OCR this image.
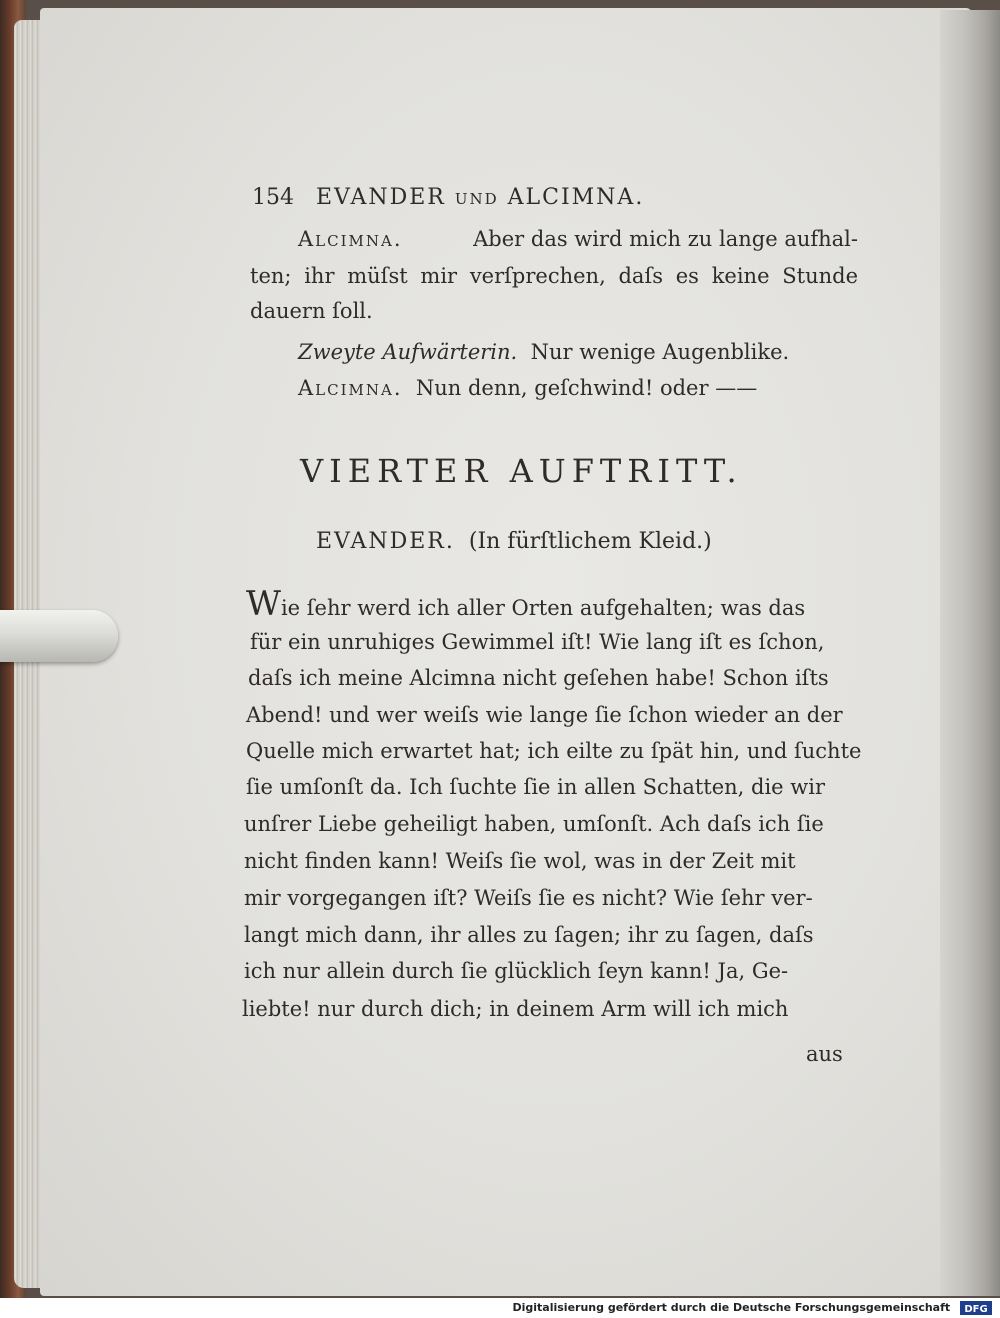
154 EVANDER und ALCIMNA.
Alcimna.	Aber das wird mich zu lange aufhal-
ten; ihr müſst mir verſprechen, daſs es keine Stunde
dauern ſoll.
Zweyte Aufwärterin. Nur wenige Augenblike.
Alcimna. Nun denn, geſchwind! oder ——
VIERTER AUFTRITT.
EVANDER. (In fürſtlichem Kleid.)
Wie ſehr werd ich aller Orten aufgehalten; was das
für ein unruhiges Gewimmel iſt! Wie lang iſt es ſchon,
daſs ich meine Alcimna nicht geſehen habe! Schon iſts
Abend! und wer weiſs wie lange ſie ſchon wieder an der
Quelle mich erwartet hat; ich eilte zu ſpät hin, und ſuchte
ſie umſonſt da. Ich ſuchte ſie in allen Schatten, die wir
unſrer Liebe geheiligt haben, umſonſt. Ach daſs ich ſie
nicht finden kann! Weiſs ſie wol, was in der Zeit mit
mir vorgegangen iſt? Weiſs ſie es nicht? Wie ſehr ver-
langt mich dann, ihr alles zu ſagen; ihr zu ſagen, daſs
ich nur allein durch ſie glücklich ſeyn kann! Ja, Ge-
liebte! nur durch dich; in deinem Arm will ich mich
aus
Digitalisierung gefördert durch die Deutsche Forschungsgemeinschaft DFG
